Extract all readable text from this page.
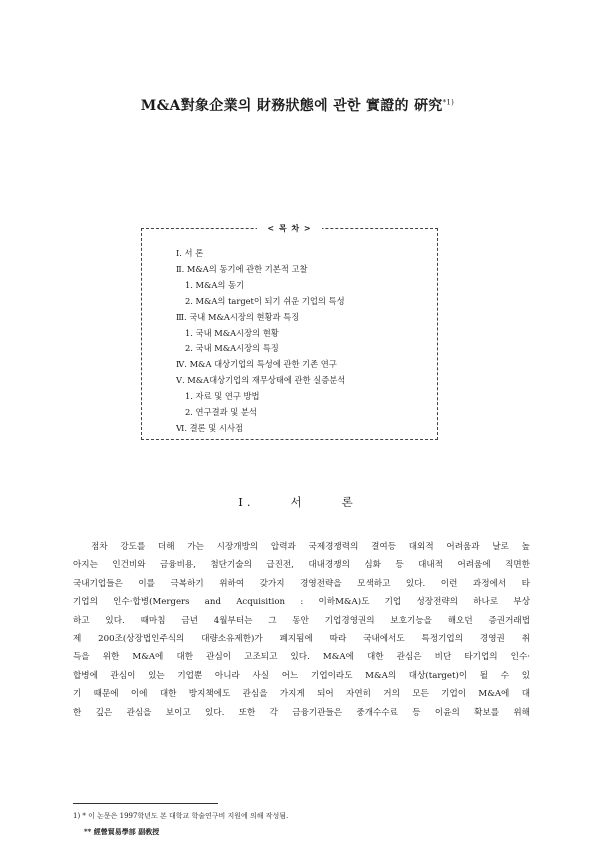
M&A對象企業의 財務狀態에 관한 實證的 硏究$^{*1)}$
< 목 차 >
Ⅰ. 서 론
Ⅱ. M&A의 동기에 관한 기본적 고찰
1. M&A의 동기
2. M&A의 target이 되기 쉬운 기업의 특성
Ⅲ. 국내 M&A시장의 현황과 특징
1. 국내 M&A시장의 현황
2. 국내 M&A시장의 특징
Ⅳ. M&A 대상기업의 특성에 관한 기존 연구
Ⅴ. M&A대상기업의 재무상태에 관한 실증분석
1. 자료 및 연구 방법
2. 연구결과 및 분석
Ⅵ. 결론 및 시사점
Ⅰ.	서	론

점차 강도를 더해 가는 시장개방의 압력과 국제경쟁력의 결여등 대외적 어려움과 날로 높
아지는 인건비와 금융비용, 첨단기술의 급진전, 대내경쟁의 심화 등 대내적 어려움에 직면한
국내기업들은 이를 극복하기 위하여 갖가지 경영전략을 모색하고 있다. 이런 과정에서 타
기업의 인수·합병(Mergers and Acquisition : 이하M&A)도 기업 성장전략의 하나로 부상
하고 있다. 때마침 금년 4월부터는 그 동안 기업경영권의 보호기능을 해오던 증권거래법
제 200조(상장법인주식의 대량소유제한)가 폐지됨에 따라 국내에서도 특정기업의 경영권 취
득을 위한 M&A에 대한 관심이 고조되고 있다. M&A에 대한 관심은 비단 타기업의 인수·
합병에 관심이 있는 기업뿐 아니라 사실 어느 기업이라도 M&A의 대상(target)이 될 수 있
기 때문에 이에 대한 방지책에도 관심을 가지게 되어 자연히 거의 모든 기업이 M&A에 대
한 깊은 관심을 보이고 있다. 또한 각 금융기관들은 중개수수료 등 이윤의 확보를 위해

1) * 이 논문은 1997학년도 본 대학교 학술연구비 지원에 의해 작성됨.
** 經營貿易學部 副敎授
